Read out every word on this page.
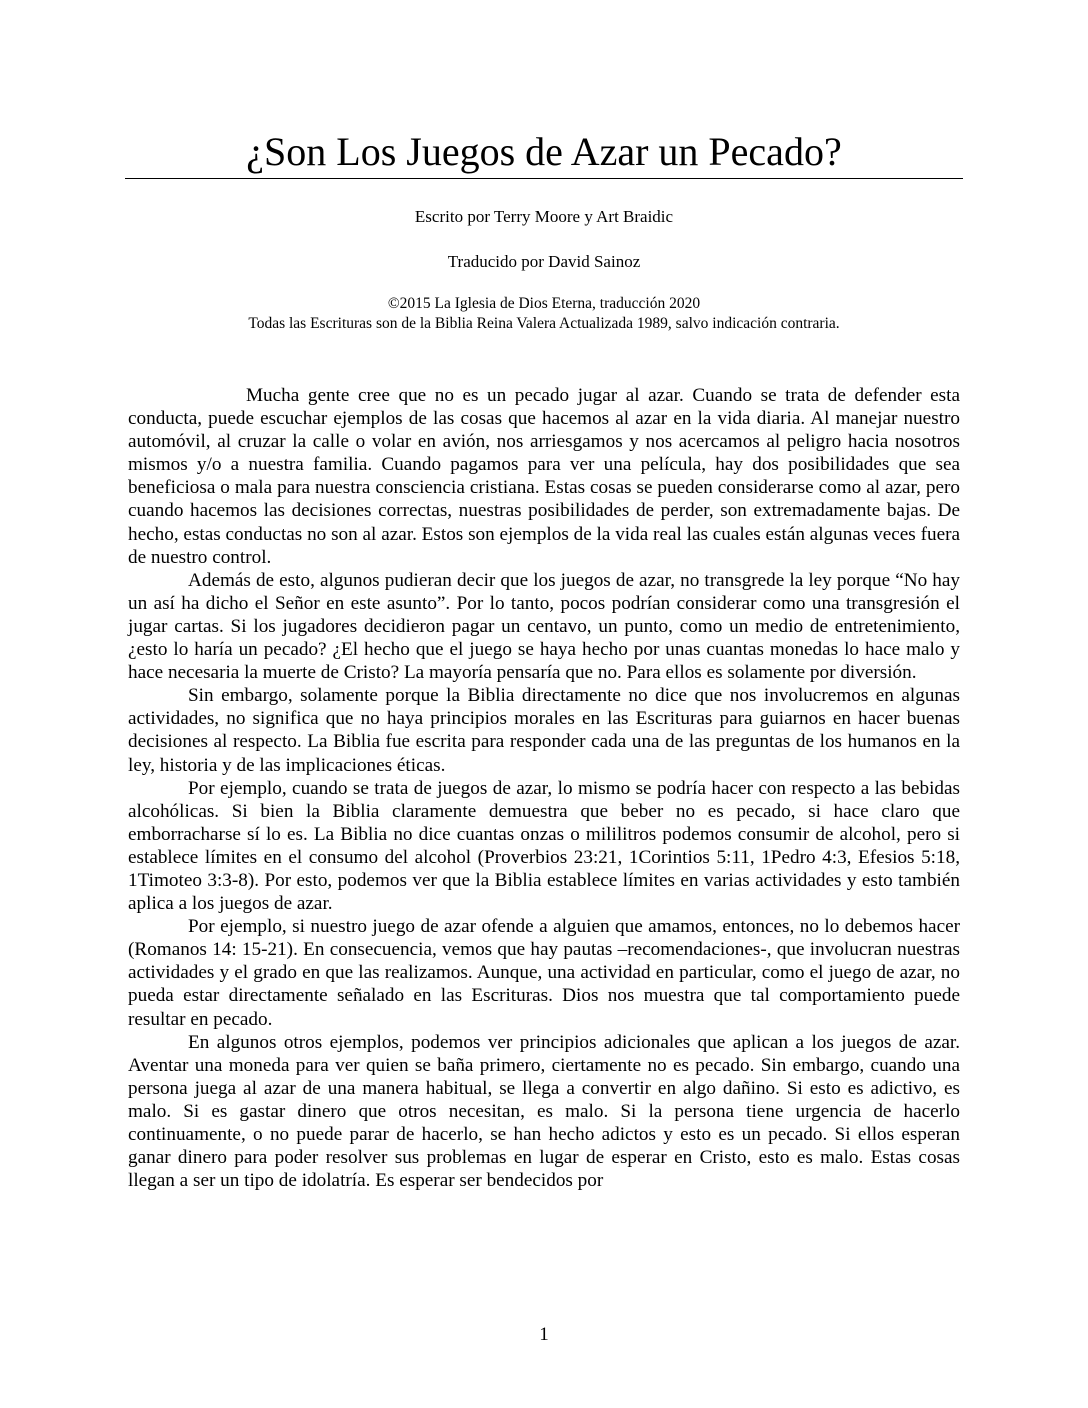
¿Son Los Juegos de Azar un Pecado?
Escrito por Terry Moore y Art Braidic
Traducido por David Sainoz
©2015 La Iglesia de Dios Eterna, traducción 2020
Todas las Escrituras son de la Biblia Reina Valera Actualizada 1989, salvo indicación contraria.

Mucha gente cree que no es un pecado jugar al azar. Cuando se trata de defender esta conducta, puede escuchar ejemplos de las cosas que hacemos al azar en la vida diaria. Al manejar nuestro automóvil, al cruzar la calle o volar en avión, nos arriesgamos y nos acercamos al peligro hacia nosotros mismos y/o a nuestra familia. Cuando pagamos para ver una película, hay dos posibilidades que sea beneficiosa o mala para nuestra consciencia cristiana. Estas cosas se pueden considerarse como al azar, pero cuando hacemos las decisiones correctas, nuestras posibilidades de perder, son extremadamente bajas. De hecho, estas conductas no son al azar. Estos son ejemplos de la vida real las cuales están algunas veces fuera de nuestro control.

Además de esto, algunos pudieran decir que los juegos de azar, no transgrede la ley porque “No hay un así ha dicho el Señor en este asunto”. Por lo tanto, pocos podrían considerar como una transgresión el jugar cartas. Si los jugadores decidieron pagar un centavo, un punto, como un medio de entretenimiento, ¿esto lo haría un pecado? ¿El hecho que el juego se haya hecho por unas cuantas monedas lo hace malo y hace necesaria la muerte de Cristo? La mayoría pensaría que no. Para ellos es solamente por diversión.

Sin embargo, solamente porque la Biblia directamente no dice que nos involucremos en algunas actividades, no significa que no haya principios morales en las Escrituras para guiarnos en hacer buenas decisiones al respecto. La Biblia fue escrita para responder cada una de las preguntas de los humanos en la ley, historia y de las implicaciones éticas.

Por ejemplo, cuando se trata de juegos de azar, lo mismo se podría hacer con respecto a las bebidas alcohólicas. Si bien la Biblia claramente demuestra que beber no es pecado, si hace claro que emborracharse sí lo es. La Biblia no dice cuantas onzas o mililitros podemos consumir de alcohol, pero si establece límites en el consumo del alcohol (Proverbios 23:21, 1Corintios 5:11, 1Pedro 4:3, Efesios 5:18, 1Timoteo 3:3-8). Por esto, podemos ver que la Biblia establece límites en varias actividades y esto también aplica a los juegos de azar.

Por ejemplo, si nuestro juego de azar ofende a alguien que amamos, entonces, no lo debemos hacer (Romanos 14: 15-21). En consecuencia, vemos que hay pautas –recomendaciones-, que involucran nuestras actividades y el grado en que las realizamos. Aunque, una actividad en particular, como el juego de azar, no pueda estar directamente señalado en las Escrituras. Dios nos muestra que tal comportamiento puede resultar en pecado.

En algunos otros ejemplos, podemos ver principios adicionales que aplican a los juegos de azar. Aventar una moneda para ver quien se baña primero, ciertamente no es pecado. Sin embargo, cuando una persona juega al azar de una manera habitual, se llega a convertir en algo dañino. Si esto es adictivo, es malo. Si es gastar dinero que otros necesitan, es malo. Si la persona tiene urgencia de hacerlo continuamente, o no puede parar de hacerlo, se han hecho adictos y esto es un pecado. Si ellos esperan ganar dinero para poder resolver sus problemas en lugar de esperar en Cristo, esto es malo. Estas cosas llegan a ser un tipo de idolatría. Es esperar ser bendecidos por

1
